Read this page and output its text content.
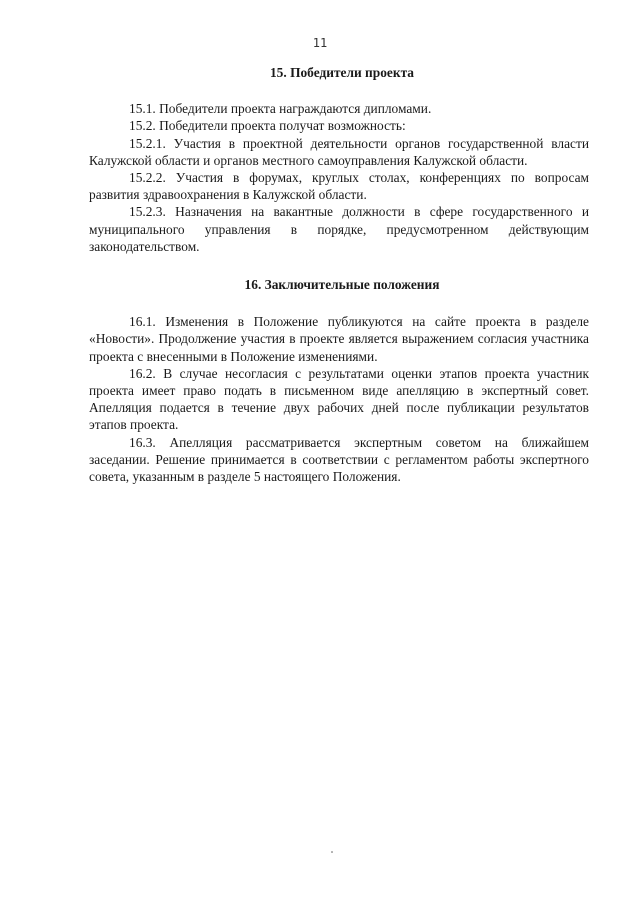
11

15. Победители проекта

15.1. Победители проекта награждаются дипломами.

15.2. Победители проекта получат возможность:

15.2.1. Участия в проектной деятельности органов государственной власти Калужской области и органов местного самоуправления Калужской области.

15.2.2. Участия в форумах, круглых столах, конференциях по вопросам развития здравоохранения в Калужской области.

15.2.3. Назначения на вакантные должности в сфере государственного и муниципального управления в порядке, предусмотренном действующим законодательством.

16. Заключительные положения

16.1. Изменения в Положение публикуются на сайте проекта в разделе «Новости». Продолжение участия в проекте является выражением согласия участника проекта с внесенными в Положение изменениями.

16.2. В случае несогласия с результатами оценки этапов проекта участник проекта имеет право подать в письменном виде апелляцию в экспертный совет. Апелляция подается в течение двух рабочих дней после публикации результатов этапов проекта.

16.3. Апелляция рассматривается экспертным советом на ближайшем заседании. Решение принимается в соответствии с регламентом работы экспертного совета, указанным в разделе 5 настоящего Положения.
